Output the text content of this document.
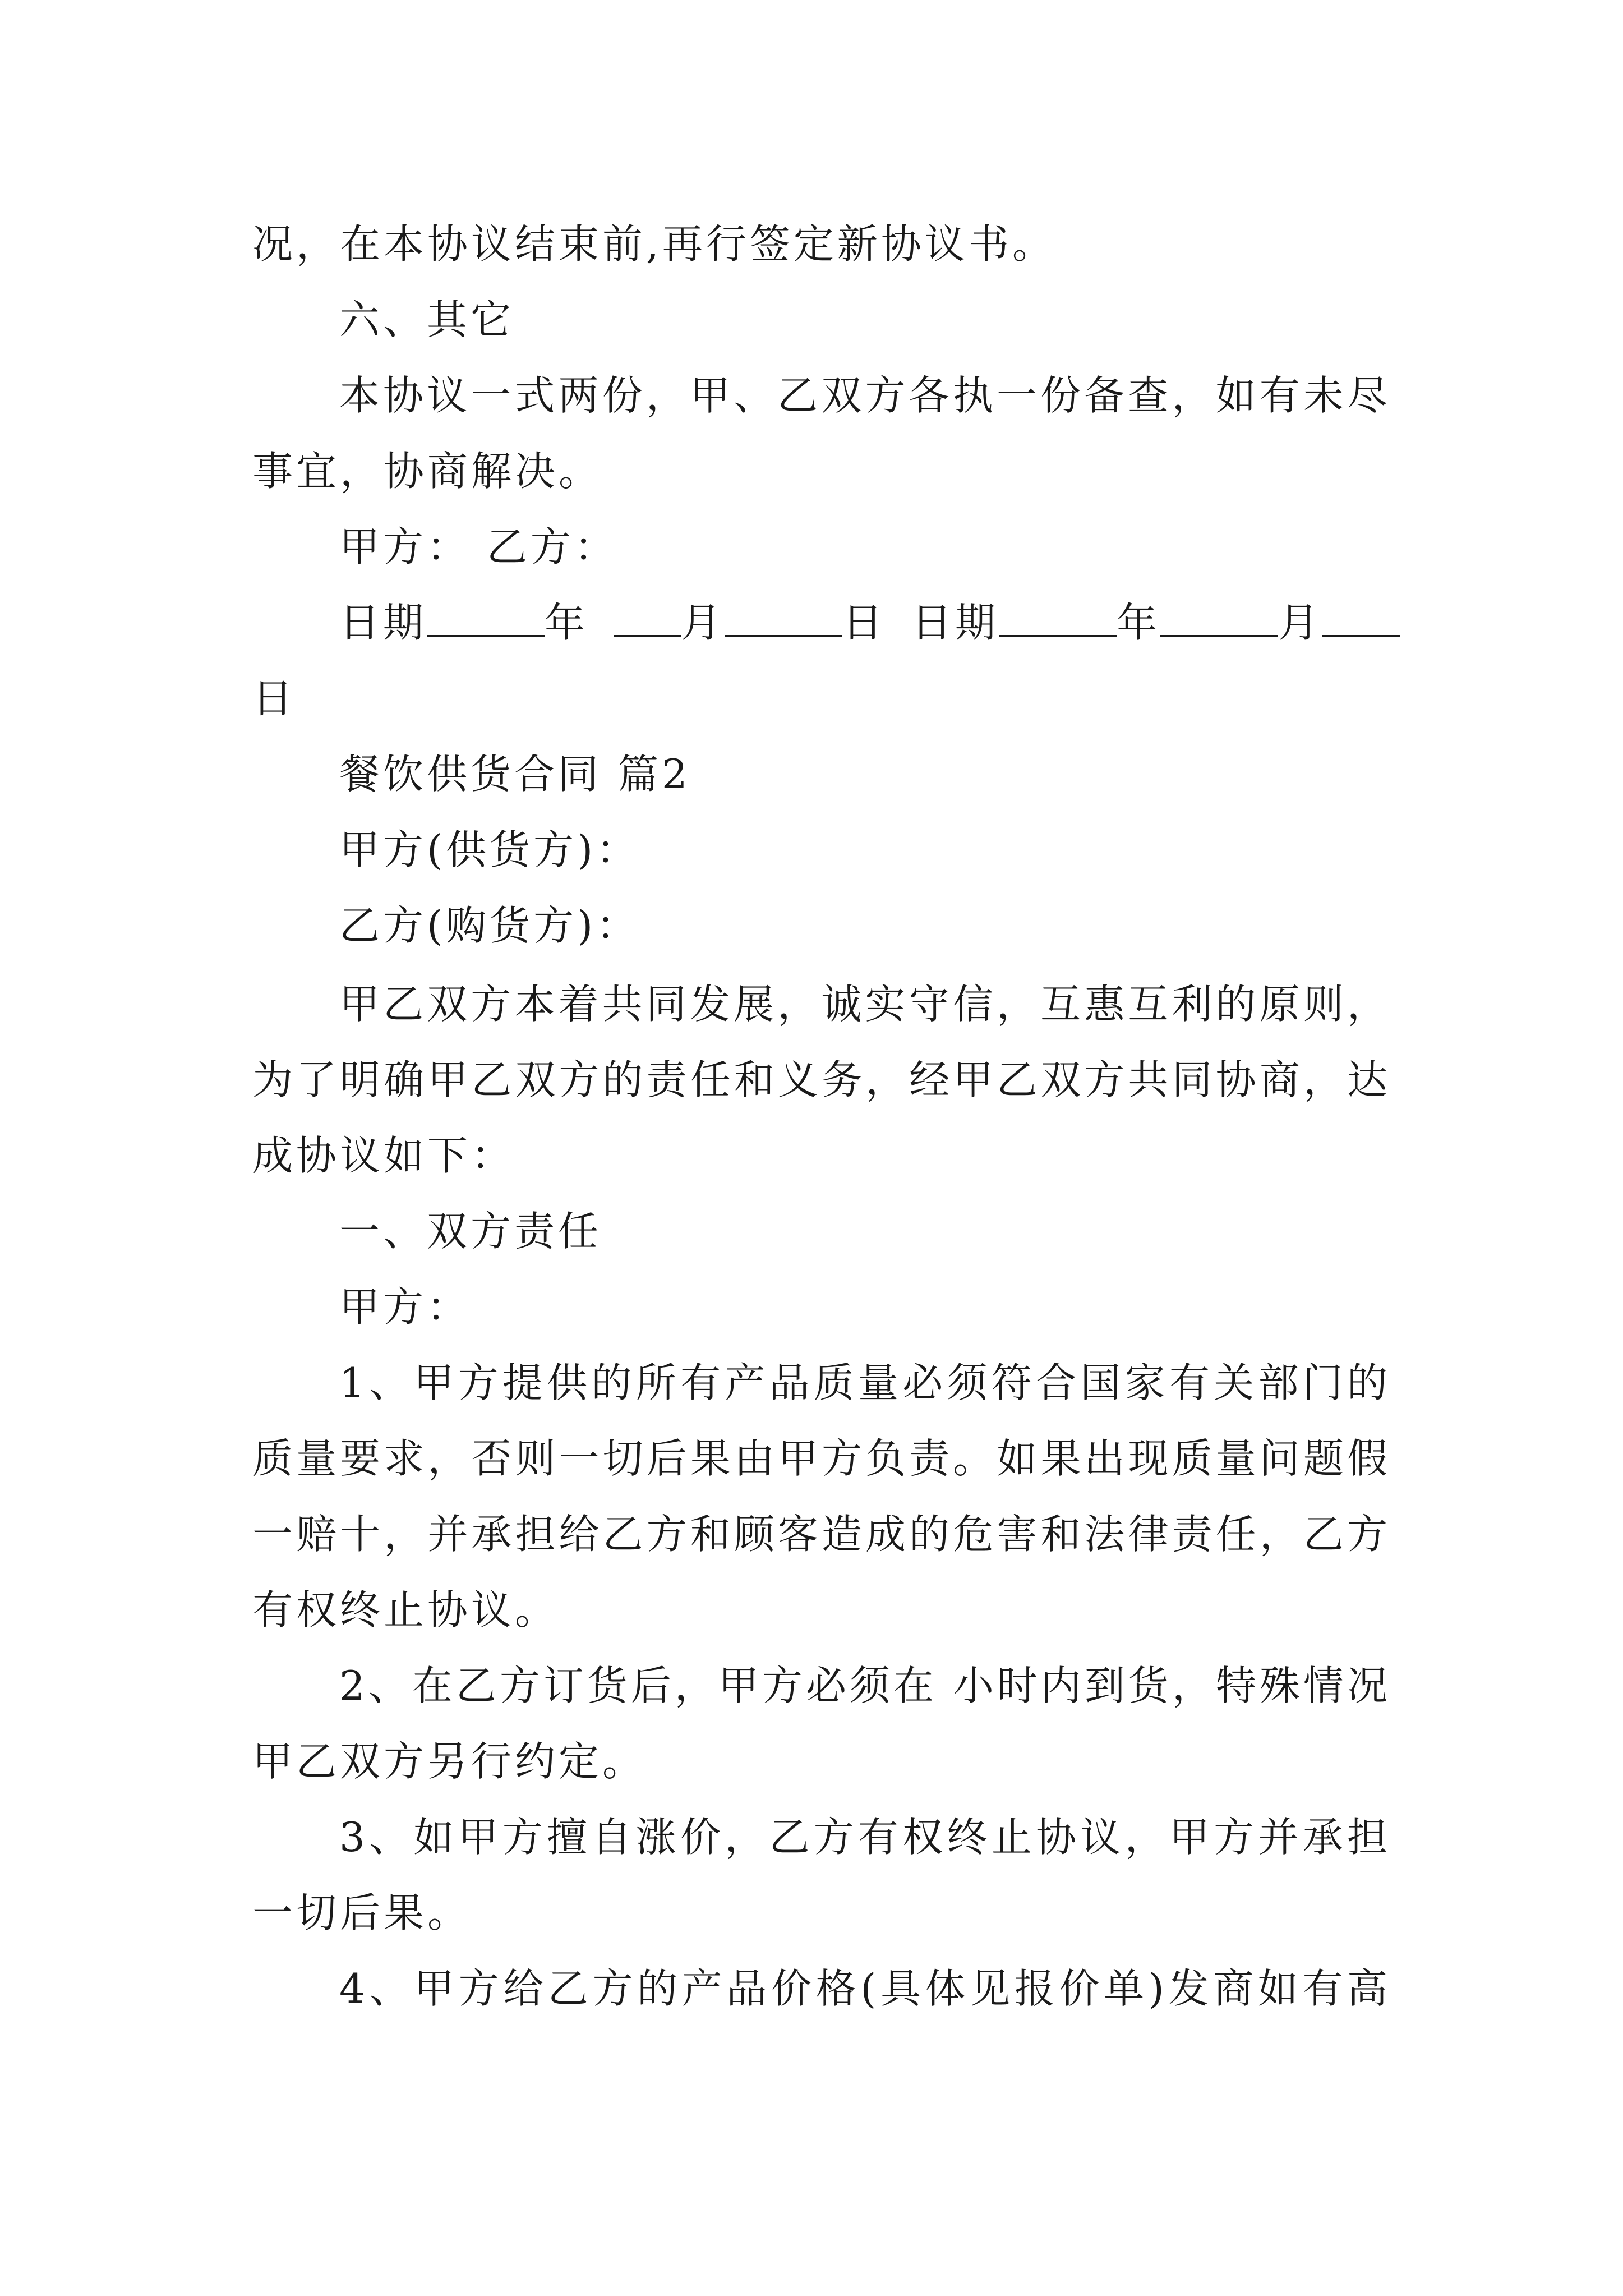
况，在本协议结束前,再行签定新协议书。
六、其它
本协议一式两份，甲、乙双方各执一份备查，如有未尽
事宜，协商解决。
甲方： 乙方：
日期	年 月	日 日期	年	月
日
餐饮供货合同 篇2
甲方(供货方)：
乙方(购货方)：
甲乙双方本着共同发展，诚实守信，互惠互利的原则，
为了明确甲乙双方的责任和义务，经甲乙双方共同协商，达
成协议如下：
一、双方责任
甲方：
1、甲方提供的所有产品质量必须符合国家有关部门的
质量要求，否则一切后果由甲方负责。如果出现质量问题假
一赔十，并承担给乙方和顾客造成的危害和法律责任，乙方
有权终止协议。
2、在乙方订货后，甲方必须在 小时内到货，特殊情况
甲乙双方另行约定。
3、如甲方擅自涨价，乙方有权终止协议，甲方并承担
一切后果。
4、甲方给乙方的产品价格(具体见报价单)发商如有高
